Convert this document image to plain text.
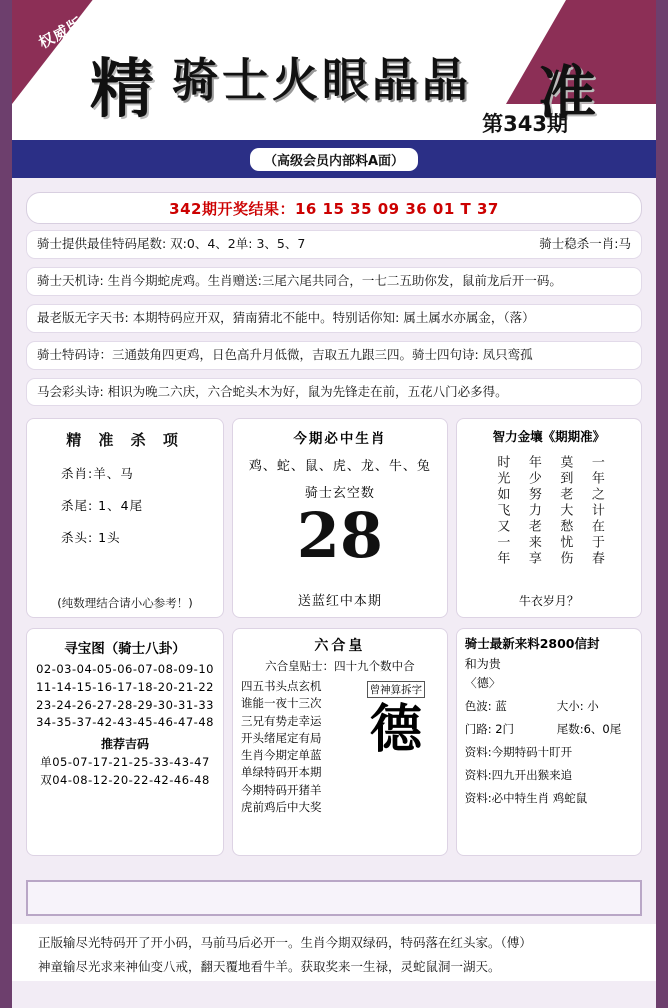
权威版
精 骑士火眼晶晶 准
第343期
（高级会员内部料A面）
342期开奖结果：16 15 35 09 36 01 T 37
骑士提供最佳特码尾数: 双:0、4、2单: 3、5、7	骑士稳杀一肖:马
骑士天机诗: 生肖今期蛇虎鸡。生肖赠送:三尾六尾共同合，一七二五助你发，鼠前龙后开一码。
最老版无字天书: 本期特码应开双，猜南猜北不能中。特别话你知: 属土属水亦属金，（落）
骑士特码诗：三通鼓角四更鸡，日色高升月低微，吉取五九跟三四。骑士四句诗: 凤只鸾孤
马会彩头诗: 相识为晚二六庆，六合蛇头木为好，鼠为先锋走在前，五花八门必多得。
精 准 杀 项
杀肖:羊、马
杀尾: 1、4尾
杀头: 1头
(纯数理结合请小心参考！)
今期必中生肖
鸡、蛇、鼠、虎、龙、牛、兔
骑士玄空数
28
送蓝红中本期
智力金壤《期期准》
一年之计在于春
莫到老大愁忧伤
年少努力老来享
时光如飞又一年
牛衣岁月？
寻宝图（骑士八卦）
02-03-04-05-06-07-08-09-10
11-14-15-16-17-18-20-21-22
23-24-26-27-28-29-30-31-33
34-35-37-42-43-45-46-47-48
推荐吉码
单05-07-17-21-25-33-43-47
双04-08-12-20-22-42-46-48
六合皇
六合皇贴士：四十九个数中合
四五书头点玄机
谁能一夜十三次
三兄有势走幸运
开头绪尾定有局
生肖今期定单蓝
单绿特码开本期
今期特码开猪羊
虎前鸡后中大奖
曾神算拆字
德
骑士最新来料2800信封
和为贵
〈德〉
色波: 蓝	大小: 小
门路: 2门	尾数:6、0尾
资料:今期特码十盯开
资料:四九开出猴来追
资料:必中特生肖 鸡蛇鼠

正版输尽光特码开了开小码，马前马后必开一。生肖今期双绿码，特码落在红头家。（傅）

神童输尽光求来神仙变八戒，翻天覆地看牛羊。获取奖来一生禄，灵蛇鼠洞一湖天。
